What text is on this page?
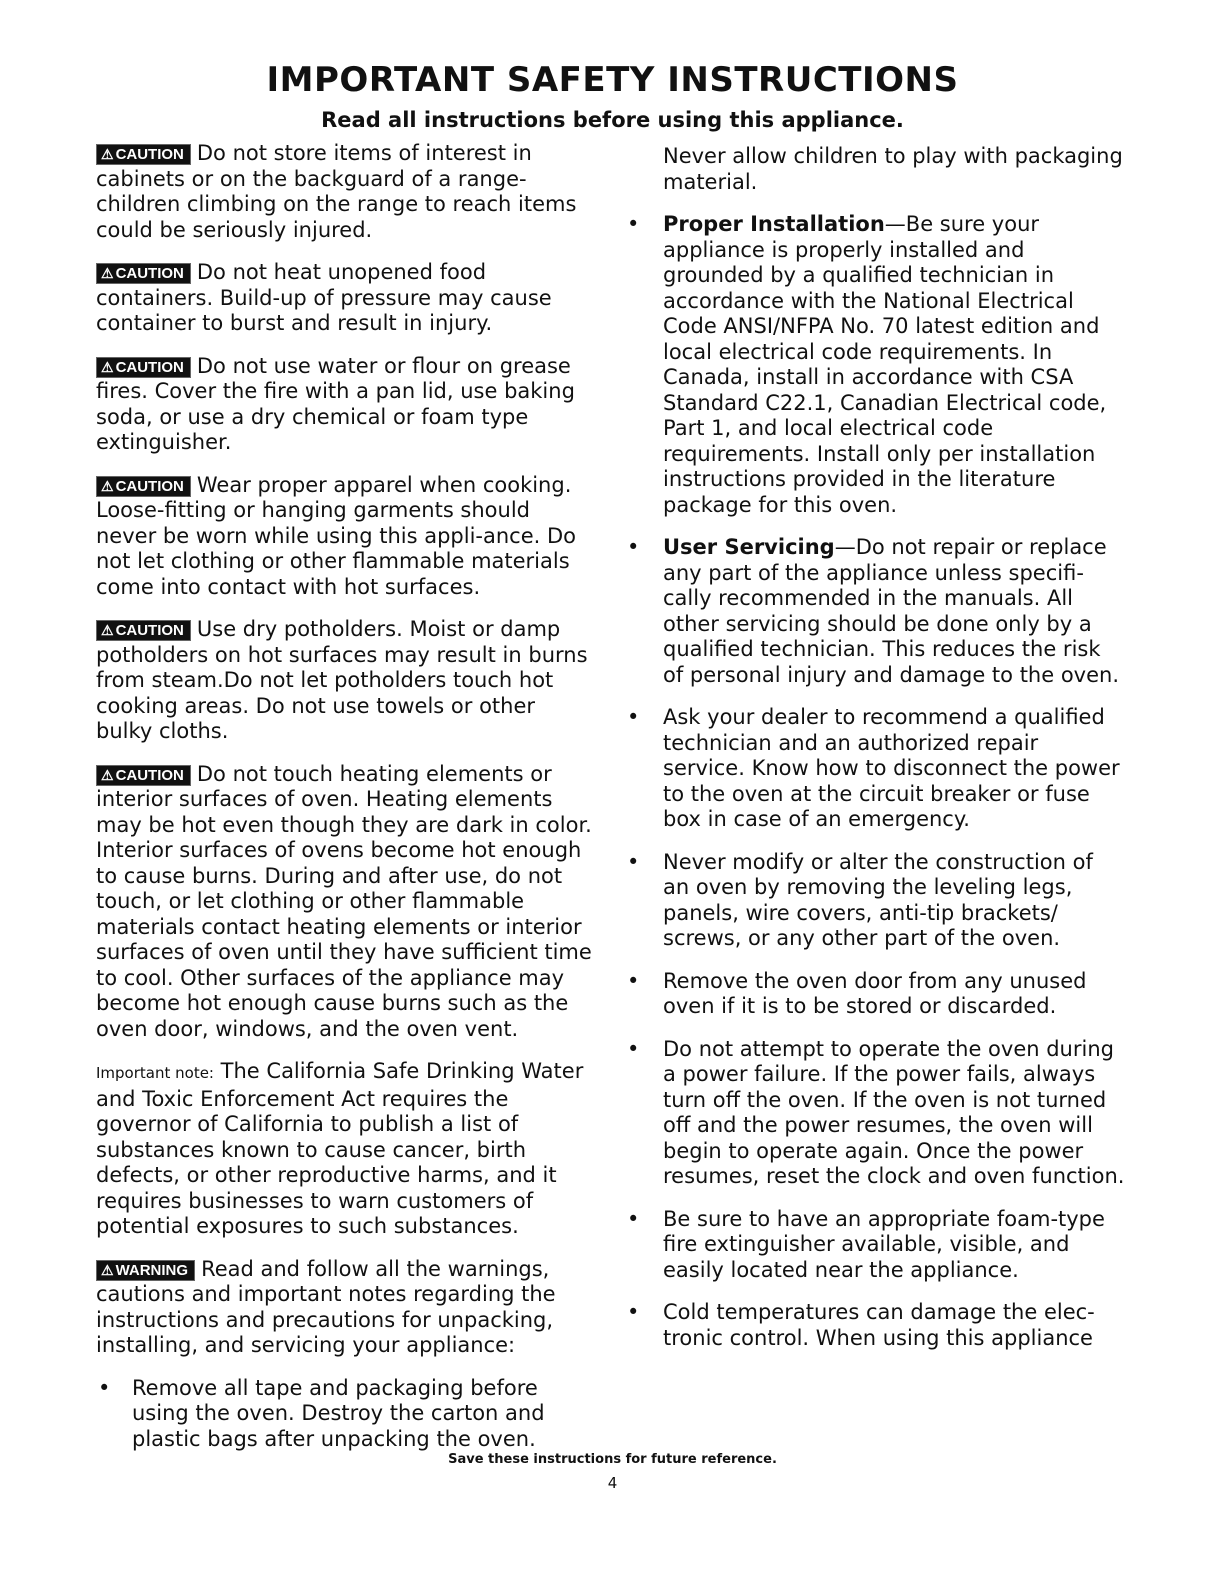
IMPORTANT SAFETY INSTRUCTIONS
Read all instructions before using this appliance.

⚠ CAUTION Do not store items of interest in cabinets or on the backguard of a range-children climbing on the range to reach items could be seriously injured.

⚠ CAUTION Do not heat unopened food containers. Build-up of pressure may cause container to burst and result in injury.

⚠ CAUTION Do not use water or flour on grease fires. Cover the fire with a pan lid, use baking soda, or use a dry chemical or foam type extinguisher.

⚠ CAUTION Wear proper apparel when cooking. Loose-fitting or hanging garments should never be worn while using this appli-ance. Do not let clothing or other flammable materials come into contact with hot surfaces.

⚠ CAUTION Use dry potholders. Moist or damp potholders on hot surfaces may result in burns from steam.Do not let potholders touch hot cooking areas. Do not use towels or other bulky cloths.

⚠ CAUTION Do not touch heating elements or interior surfaces of oven. Heating elements may be hot even though they are dark in color. Interior surfaces of ovens become hot enough to cause burns. During and after use, do not touch, or let clothing or other flammable materials contact heating elements or interior surfaces of oven until they have sufficient time to cool. Other surfaces of the appliance may become hot enough cause burns such as the oven door, windows, and the oven vent.

Important note: The California Safe Drinking Water and Toxic Enforcement Act requires the governor of California to publish a list of substances known to cause cancer, birth defects, or other reproductive harms, and it requires businesses to warn customers of potential exposures to such substances.

⚠ WARNING Read and follow all the warnings, cautions and important notes regarding the instructions and precautions for unpacking, installing, and servicing your appliance:

• Remove all tape and packaging before using the oven. Destroy the carton and plastic bags after unpacking the oven.

Never allow children to play with packaging material.

• Proper Installation—Be sure your appliance is properly installed and grounded by a qualified technician in accordance with the National Electrical Code ANSI/NFPA No. 70 latest edition and local electrical code requirements. In Canada, install in accordance with CSA Standard C22.1, Canadian Electrical code, Part 1, and local electrical code requirements. Install only per installation instructions provided in the literature package for this oven.
• User Servicing—Do not repair or replace any part of the appliance unless specifi-cally recommended in the manuals. All other servicing should be done only by a qualified technician. This reduces the risk of personal injury and damage to the oven.
• Ask your dealer to recommend a qualified technician and an authorized repair service. Know how to disconnect the power to the oven at the circuit breaker or fuse box in case of an emergency.
• Never modify or alter the construction of an oven by removing the leveling legs, panels, wire covers, anti-tip brackets/ screws, or any other part of the oven.
• Remove the oven door from any unused oven if it is to be stored or discarded.
• Do not attempt to operate the oven during a power failure. If the power fails, always turn off the oven. If the oven is not turned off and the power resumes, the oven will begin to operate again. Once the power resumes, reset the clock and oven function.
• Be sure to have an appropriate foam-type fire extinguisher available, visible, and easily located near the appliance.
• Cold temperatures can damage the elec-tronic control. When using this appliance
Save these instructions for future reference.
4
